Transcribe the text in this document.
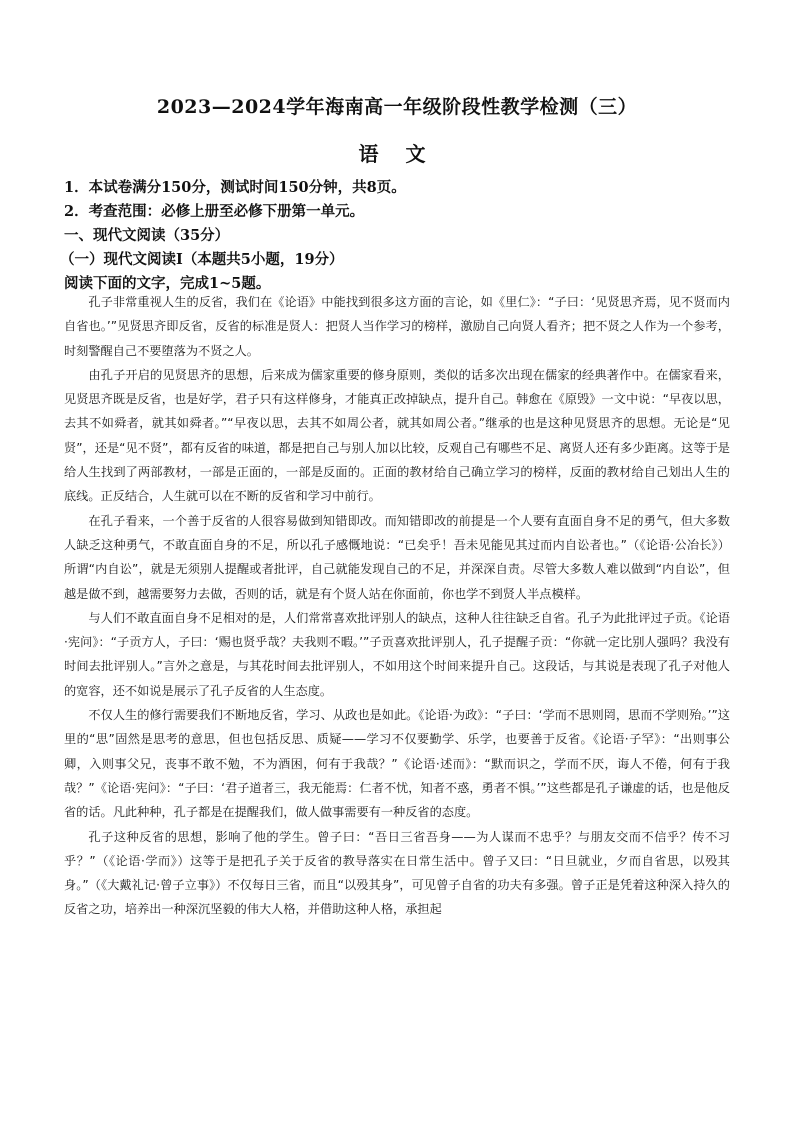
2023—2024学年海南高一年级阶段性教学检测（三）
语 文
1．本试卷满分150分，测试时间150分钟，共8页。
2．考查范围：必修上册至必修下册第一单元。
一、现代文阅读（35分）
（一）现代文阅读Ⅰ（本题共5小题，19分）
阅读下面的文字，完成1~5题。

孔子非常重视人生的反省，我们在《论语》中能找到很多这方面的言论，如《里仁》：“子曰：‘见贤思齐焉，见不贤而内自省也。’”见贤思齐即反省，反省的标准是贤人：把贤人当作学习的榜样，激励自己向贤人看齐；把不贤之人作为一个参考，时刻警醒自己不要堕落为不贤之人。

由孔子开启的见贤思齐的思想，后来成为儒家重要的修身原则，类似的话多次出现在儒家的经典著作中。在儒家看来，见贤思齐既是反省，也是好学，君子只有这样修身，才能真正改掉缺点，提升自己。韩愈在《原毁》一文中说：“早夜以思，去其不如舜者，就其如舜者。”“早夜以思，去其不如周公者，就其如周公者。”继承的也是这种见贤思齐的思想。无论是“见贤”，还是“见不贤”，都有反省的味道，都是把自己与别人加以比较，反观自己有哪些不足、离贤人还有多少距离。这等于是给人生找到了两部教材，一部是正面的，一部是反面的。正面的教材给自己确立学习的榜样，反面的教材给自己划出人生的底线。正反结合，人生就可以在不断的反省和学习中前行。

在孔子看来，一个善于反省的人很容易做到知错即改。而知错即改的前提是一个人要有直面自身不足的勇气，但大多数人缺乏这种勇气，不敢直面自身的不足，所以孔子感慨地说：“已矣乎！吾未见能见其过而内自讼者也。”（《论语·公冶长》）所谓“内自讼”，就是无须别人提醒或者批评，自己就能发现自己的不足，并深深自责。尽管大多数人难以做到“内自讼”，但越是做不到，越需要努力去做，否则的话，就是有个贤人站在你面前，你也学不到贤人半点模样。

与人们不敢直面自身不足相对的是，人们常常喜欢批评别人的缺点，这种人往往缺乏自省。孔子为此批评过子贡。《论语·宪问》：“子贡方人，子曰：‘赐也贤乎哉？夫我则不暇。’”子贡喜欢批评别人，孔子提醒子贡：“你就一定比别人强吗？我没有时间去批评别人。”言外之意是，与其花时间去批评别人，不如用这个时间来提升自己。这段话，与其说是表现了孔子对他人的宽容，还不如说是展示了孔子反省的人生态度。

不仅人生的修行需要我们不断地反省，学习、从政也是如此。《论语·为政》：“子曰：‘学而不思则罔，思而不学则殆。’”这里的“思”固然是思考的意思，但也包括反思、质疑——学习不仅要勤学、乐学，也要善于反省。《论语·子罕》：“出则事公卿，入则事父兄，丧事不敢不勉，不为酒困，何有于我哉？”《论语·述而》：“默而识之，学而不厌，诲人不倦，何有于我哉？”《论语·宪问》：“子曰：‘君子道者三，我无能焉：仁者不忧，知者不惑，勇者不惧。’”这些都是孔子谦虚的话，也是他反省的话。凡此种种，孔子都是在提醒我们，做人做事需要有一种反省的态度。

孔子这种反省的思想，影响了他的学生。曾子曰：“吾日三省吾身——为人谋而不忠乎？与朋友交而不信乎？传不习乎？”（《论语·学而》）这等于是把孔子关于反省的教导落实在日常生活中。曾子又曰：“日旦就业，夕而自省思，以殁其身。”（《大戴礼记·曾子立事》）不仅每日三省，而且“以殁其身”，可见曾子自省的功夫有多强。曾子正是凭着这种深入持久的反省之功，培养出一种深沉坚毅的伟大人格，并借助这种人格，承担起
